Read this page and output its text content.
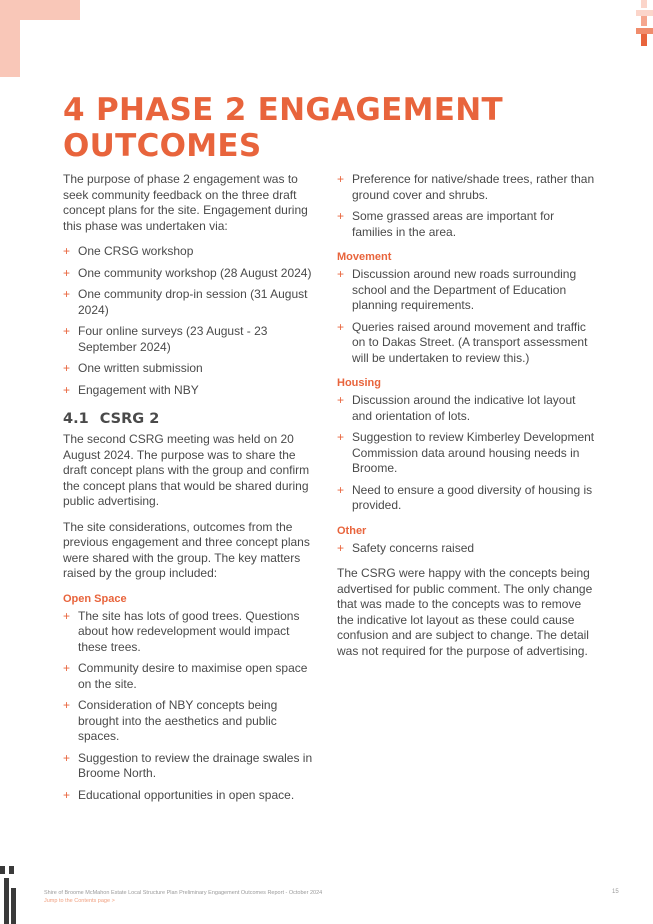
4 PHASE 2 ENGAGEMENT OUTCOMES

The purpose of phase 2 engagement was to seek community feedback on the three draft concept plans for the site. Engagement during this phase was undertaken via:

+ One CRSG workshop
+ One community workshop (28 August 2024)
+ One community drop-in session (31 August 2024)
+ Four online surveys (23 August - 23 September 2024)
+ One written submission
+ Engagement with NBY
4.1 CSRG 2

The second CSRG meeting was held on 20 August 2024. The purpose was to share the draft concept plans with the group and confirm the concept plans that would be shared during public advertising.

The site considerations, outcomes from the previous engagement and three concept plans were shared with the group. The key matters raised by the group included:

Open Space
+ The site has lots of good trees. Questions about how redevelopment would impact these trees.
+ Community desire to maximise open space on the site.
+ Consideration of NBY concepts being brought into the aesthetics and public spaces.
+ Suggestion to review the drainage swales in Broome North.
+ Educational opportunities in open space.
+ Preference for native/shade trees, rather than ground cover and shrubs.
+ Some grassed areas are important for families in the area.
Movement
+ Discussion around new roads surrounding school and the Department of Education planning requirements.
+ Queries raised around movement and traffic on to Dakas Street. (A transport assessment will be undertaken to review this.)
Housing
+ Discussion around the indicative lot layout and orientation of lots.
+ Suggestion to review Kimberley Development Commission data around housing needs in Broome.
+ Need to ensure a good diversity of housing is provided.
Other
+ Safety concerns raised

The CSRG were happy with the concepts being advertised for public comment. The only change that was made to the concepts was to remove the indicative lot layout as these could cause confusion and are subject to change. The detail was not required for the purpose of advertising.

Shire of Broome McMahon Estate Local Structure Plan Preliminary Engagement Outcomes Report - October 2024
Jump to the Contents page >
15
